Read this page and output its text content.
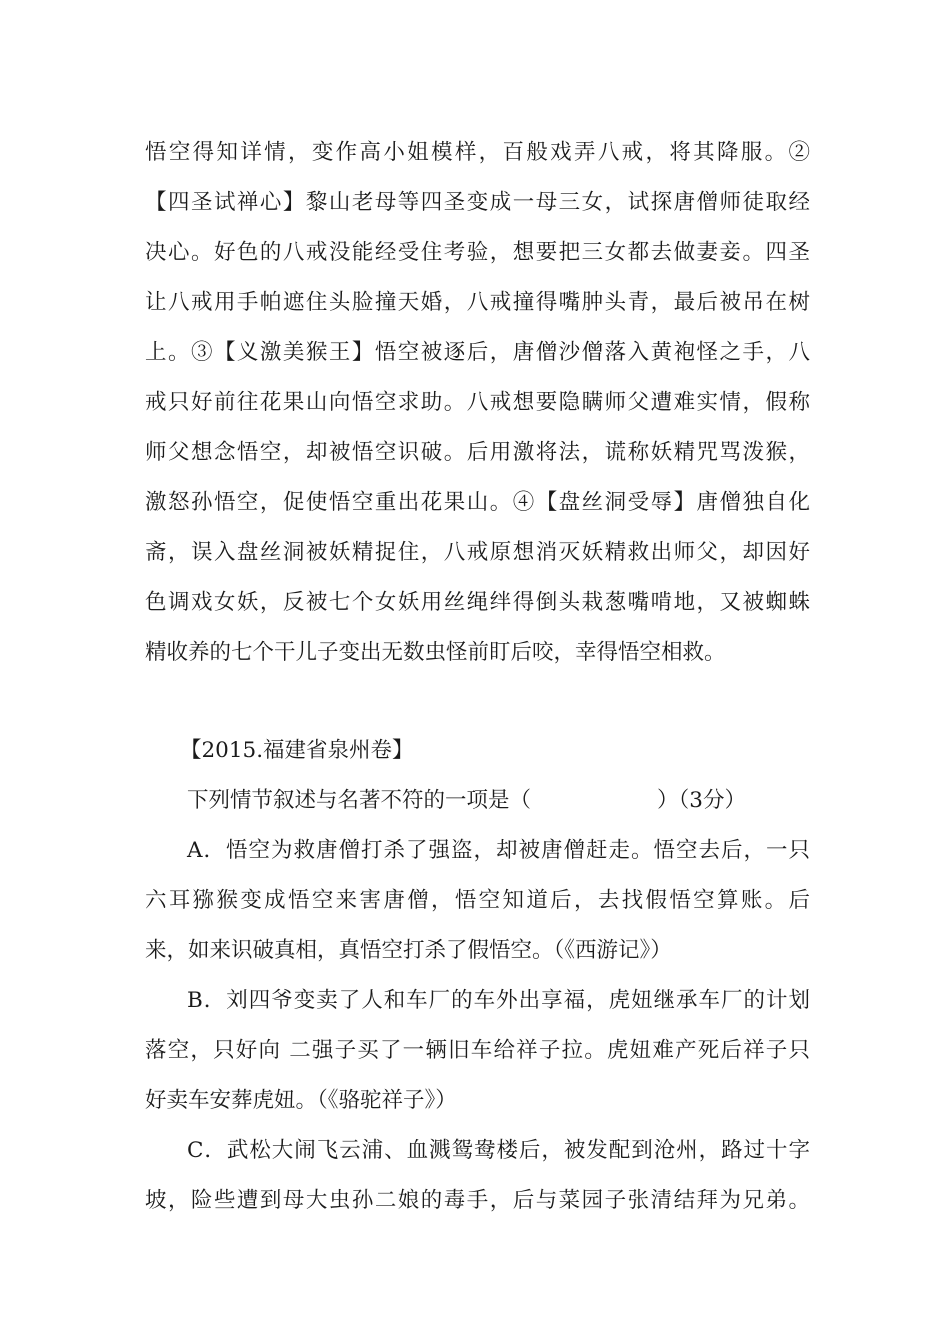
悟空得知详情，变作高小姐模样，百般戏弄八戒，将其降服。②
【四圣试禅心】黎山老母等四圣变成一母三女，试探唐僧师徒取经
决心。好色的八戒没能经受住考验，想要把三女都去做妻妾。四圣
让八戒用手帕遮住头脸撞天婚，八戒撞得嘴肿头青，最后被吊在树
上。③【义激美猴王】悟空被逐后，唐僧沙僧落入黄袍怪之手，八
戒只好前往花果山向悟空求助。八戒想要隐瞒师父遭难实情，假称
师父想念悟空，却被悟空识破。后用激将法，谎称妖精咒骂泼猴，
激怒孙悟空，促使悟空重出花果山。④【盘丝洞受辱】唐僧独自化
斋，误入盘丝洞被妖精捉住，八戒原想消灭妖精救出师父，却因好
色调戏女妖，反被七个女妖用丝绳绊得倒头栽葱嘴啃地，又被蜘蛛
精收养的七个干儿子变出无数虫怪前盯后咬，幸得悟空相救。
【2015.福建省泉州卷】
下列情节叙述与名著不符的一项是（	）（3分）
A．悟空为救唐僧打杀了强盗，却被唐僧赶走。悟空去后，一只
六耳猕猴变成悟空来害唐僧，悟空知道后，去找假悟空算账。后
来，如来识破真相，真悟空打杀了假悟空。（《西游记》）
B．刘四爷变卖了人和车厂的车外出享福，虎妞继承车厂的计划
落空，只好向 二强子买了一辆旧车给祥子拉。虎妞难产死后祥子只
好卖车安葬虎妞。（《骆驼祥子》）
C．武松大闹飞云浦、血溅鸳鸯楼后，被发配到沧州，路过十字
坡，险些遭到母大虫孙二娘的毒手，后与菜园子张清结拜为兄弟。
